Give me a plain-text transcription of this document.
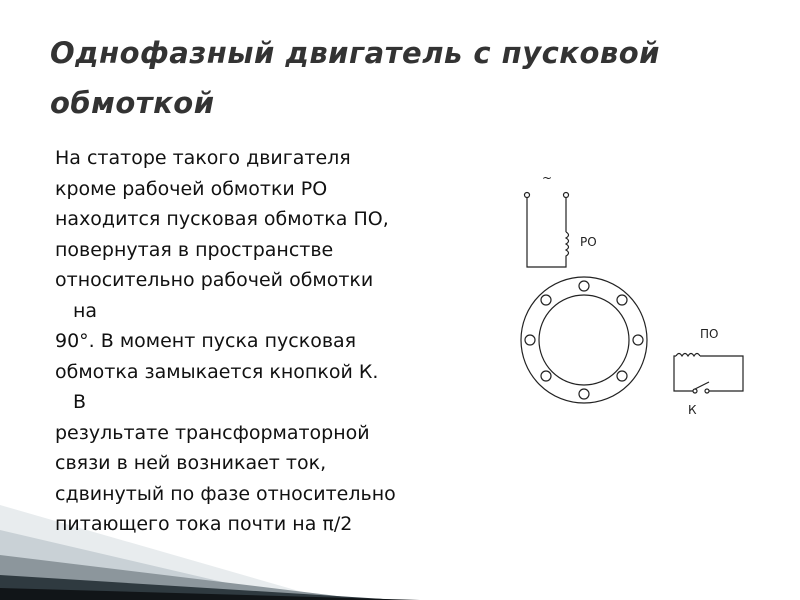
Однофазный двигатель с пусковой обмоткой
На статоре такого двигателя
кроме рабочей обмотки РО
находится пусковая обмотка ПО,
повернутая в пространстве
относительно рабочей обмотки
на
90°. В момент пуска пусковая
обмотка замыкается кнопкой К.
В
результате трансформаторной
связи в ней возникает ток,
сдвинутый по фазе относительно
питающего тока почти на π/2
~
РО
ПО
К
